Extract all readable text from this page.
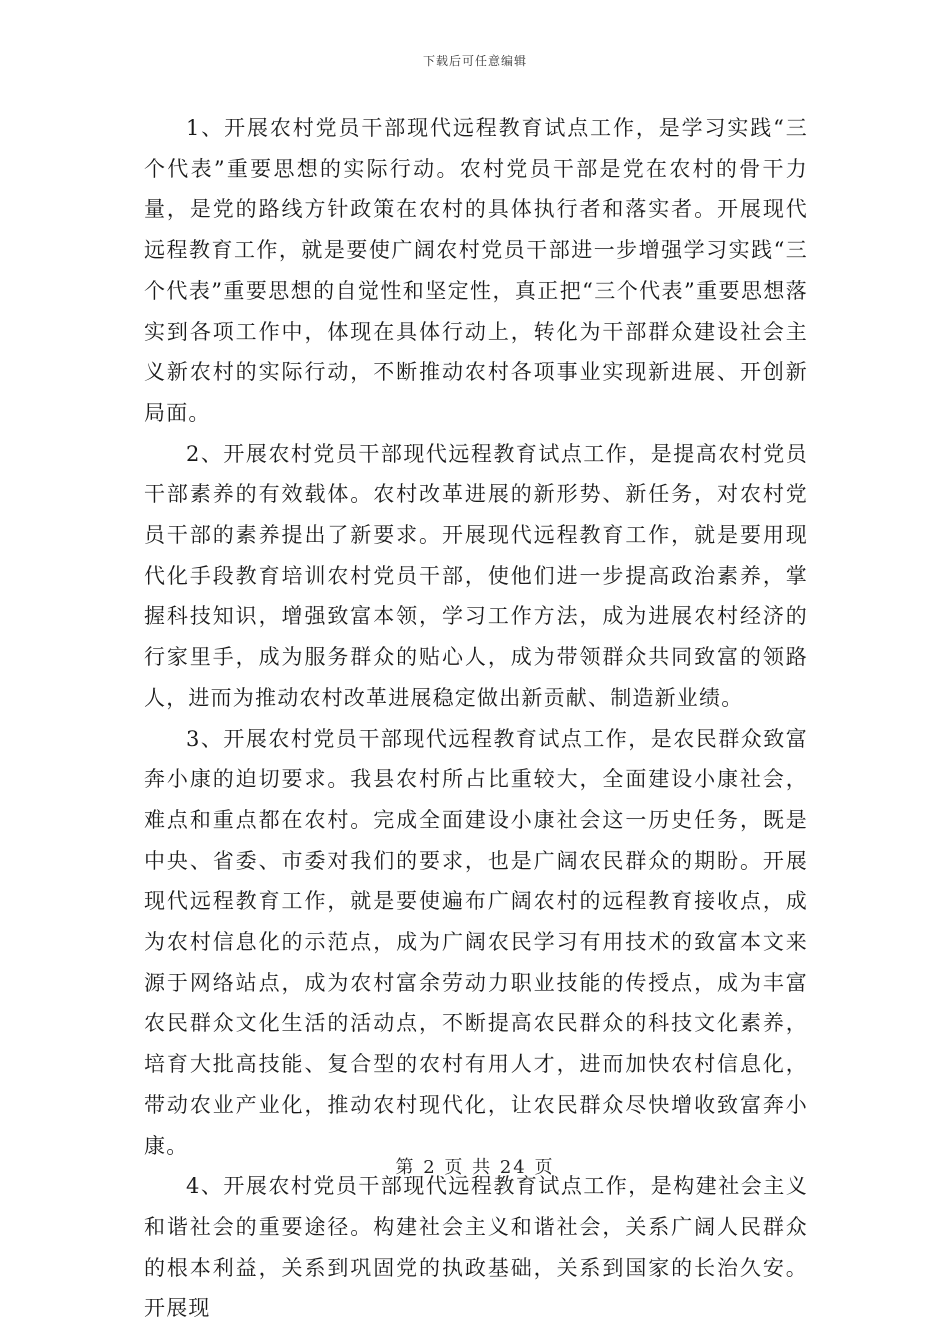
下载后可任意编辑

1、开展农村党员干部现代远程教育试点工作，是学习实践“三个代表”重要思想的实际行动。农村党员干部是党在农村的骨干力量，是党的路线方针政策在农村的具体执行者和落实者。开展现代远程教育工作，就是要使广阔农村党员干部进一步增强学习实践“三个代表”重要思想的自觉性和坚定性，真正把“三个代表”重要思想落实到各项工作中，体现在具体行动上，转化为干部群众建设社会主义新农村的实际行动，不断推动农村各项事业实现新进展、开创新局面。

2、开展农村党员干部现代远程教育试点工作，是提高农村党员干部素养的有效载体。农村改革进展的新形势、新任务，对农村党员干部的素养提出了新要求。开展现代远程教育工作，就是要用现代化手段教育培训农村党员干部，使他们进一步提高政治素养，掌握科技知识，增强致富本领，学习工作方法，成为进展农村经济的行家里手，成为服务群众的贴心人，成为带领群众共同致富的领路人，进而为推动农村改革进展稳定做出新贡献、制造新业绩。

3、开展农村党员干部现代远程教育试点工作，是农民群众致富奔小康的迫切要求。我县农村所占比重较大，全面建设小康社会，难点和重点都在农村。完成全面建设小康社会这一历史任务，既是中央、省委、市委对我们的要求，也是广阔农民群众的期盼。开展现代远程教育工作，就是要使遍布广阔农村的远程教育接收点，成为农村信息化的示范点，成为广阔农民学习有用技术的致富本文来源于网络站点，成为农村富余劳动力职业技能的传授点，成为丰富农民群众文化生活的活动点，不断提高农民群众的科技文化素养，培育大批高技能、复合型的农村有用人才，进而加快农村信息化，带动农业产业化，推动农村现代化，让农民群众尽快增收致富奔小康。

4、开展农村党员干部现代远程教育试点工作，是构建社会主义和谐社会的重要途径。构建社会主义和谐社会，关系广阔人民群众的根本利益，关系到巩固党的执政基础，关系到国家的长治久安。开展现

第 2 页 共 24 页
